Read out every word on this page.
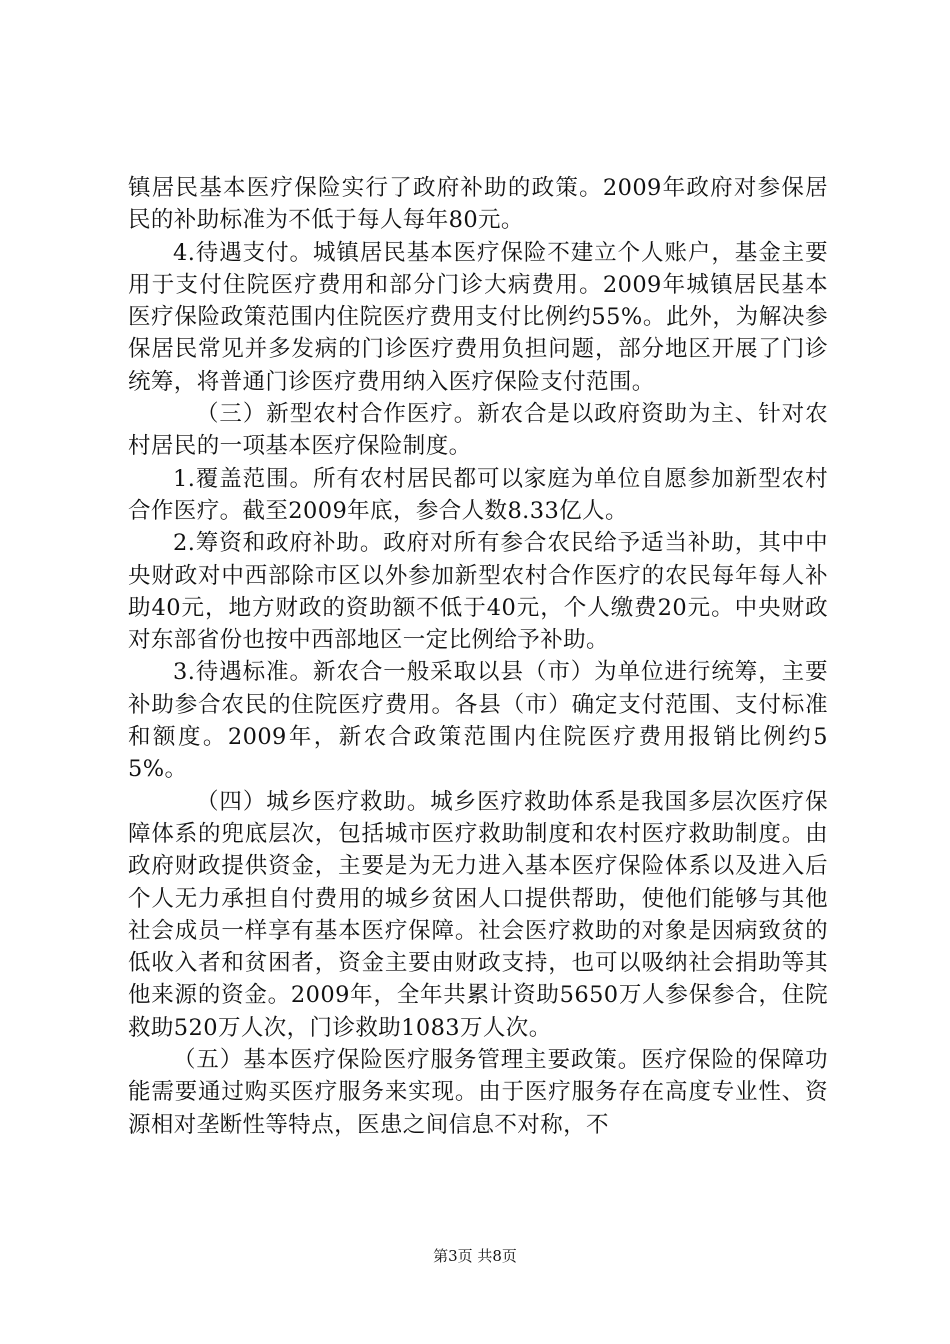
镇居民基本医疗保险实行了政府补助的政策。2009年政府对参保居民的补助标准为不低于每人每年80元。

4.待遇支付。城镇居民基本医疗保险不建立个人账户，基金主要用于支付住院医疗费用和部分门诊大病费用。2009年城镇居民基本医疗保险政策范围内住院医疗费用支付比例约55%。此外，为解决参保居民常见并多发病的门诊医疗费用负担问题，部分地区开展了门诊统筹，将普通门诊医疗费用纳入医疗保险支付范围。

（三）新型农村合作医疗。新农合是以政府资助为主、针对农村居民的一项基本医疗保险制度。

1.覆盖范围。所有农村居民都可以家庭为单位自愿参加新型农村合作医疗。截至2009年底，参合人数8.33亿人。

2.筹资和政府补助。政府对所有参合农民给予适当补助，其中中央财政对中西部除市区以外参加新型农村合作医疗的农民每年每人补助40元，地方财政的资助额不低于40元，个人缴费20元。中央财政对东部省份也按中西部地区一定比例给予补助。

3.待遇标准。新农合一般采取以县（市）为单位进行统筹，主要补助参合农民的住院医疗费用。各县（市）确定支付范围、支付标准和额度。2009年，新农合政策范围内住院医疗费用报销比例约55%。

（四）城乡医疗救助。城乡医疗救助体系是我国多层次医疗保障体系的兜底层次，包括城市医疗救助制度和农村医疗救助制度。由政府财政提供资金，主要是为无力进入基本医疗保险体系以及进入后个人无力承担自付费用的城乡贫困人口提供帮助，使他们能够与其他社会成员一样享有基本医疗保障。社会医疗救助的对象是因病致贫的低收入者和贫困者，资金主要由财政支持，也可以吸纳社会捐助等其他来源的资金。2009年，全年共累计资助5650万人参保参合，住院救助520万人次，门诊救助1083万人次。

（五）基本医疗保险医疗服务管理主要政策。医疗保险的保障功能需要通过购买医疗服务来实现。由于医疗服务存在高度专业性、资源相对垄断性等特点，医患之间信息不对称，不

第3页 共8页
